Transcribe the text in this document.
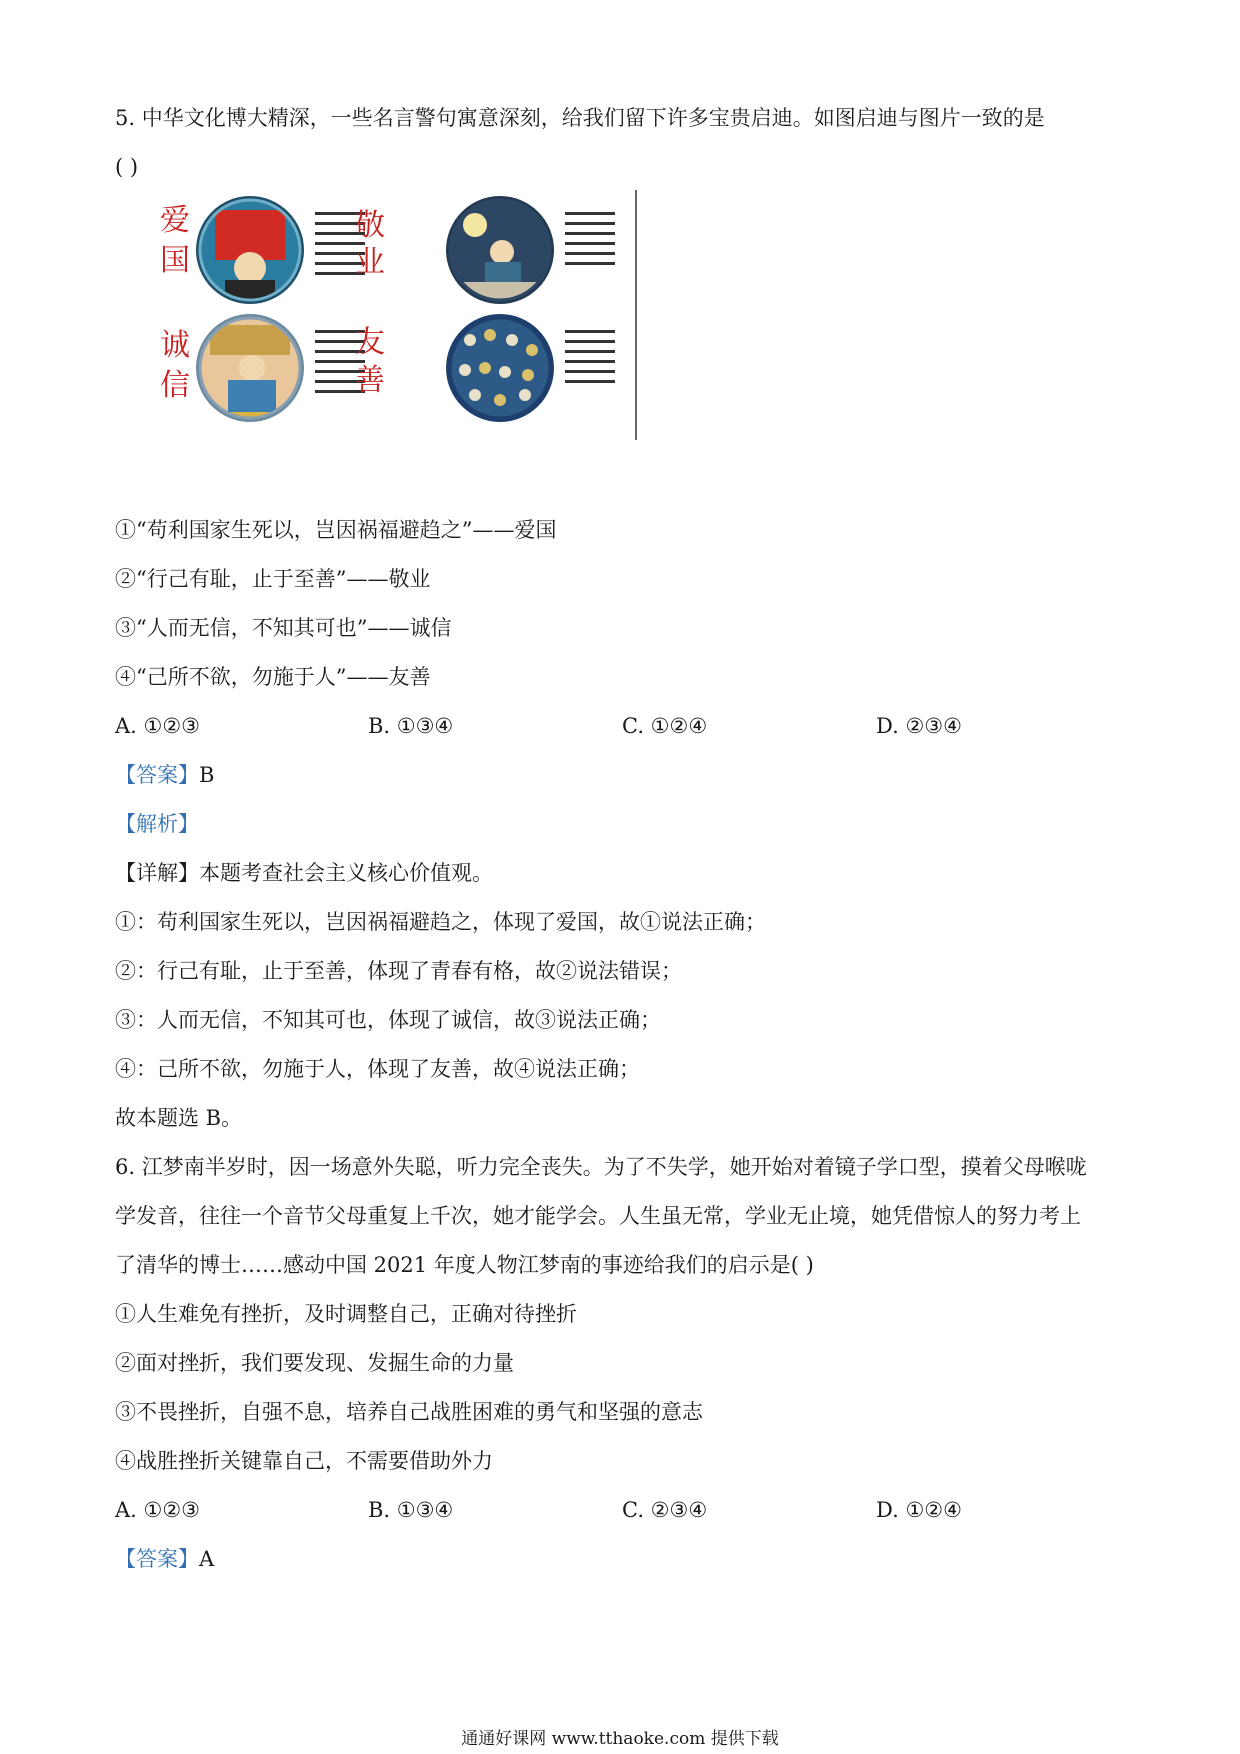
5. 中华文化博大精深，一些名言警句寓意深刻，给我们留下许多宝贵启迪。如图启迪与图片一致的是
( )
爱
国
敬
业
诚
信
友
善
①“苟利国家生死以，岂因祸福避趋之”——爱国
②“行己有耻，止于至善”——敬业
③“人而无信，不知其可也”——诚信
④“己所不欲，勿施于人”——友善
A. ①②③	B. ①③④	C. ①②④	D. ②③④
【答案】B
【解析】
【详解】本题考查社会主义核心价值观。
①：苟利国家生死以，岂因祸福避趋之，体现了爱国，故①说法正确；
②：行己有耻，止于至善，体现了青春有格，故②说法错误；
③：人而无信，不知其可也，体现了诚信，故③说法正确；
④：己所不欲，勿施于人，体现了友善，故④说法正确；
故本题选 B。
6. 江梦南半岁时，因一场意外失聪，听力完全丧失。为了不失学，她开始对着镜子学口型，摸着父母喉咙
学发音，往往一个音节父母重复上千次，她才能学会。人生虽无常，学业无止境，她凭借惊人的努力考上
了清华的博士……感动中国 2021 年度人物江梦南的事迹给我们的启示是( )
①人生难免有挫折，及时调整自己，正确对待挫折
②面对挫折，我们要发现、发掘生命的力量
③不畏挫折，自强不息，培养自己战胜困难的勇气和坚强的意志
④战胜挫折关键靠自己，不需要借助外力
A. ①②③	B. ①③④	C. ②③④	D. ①②④
【答案】A
通通好课网 www.tthaoke.com 提供下载
